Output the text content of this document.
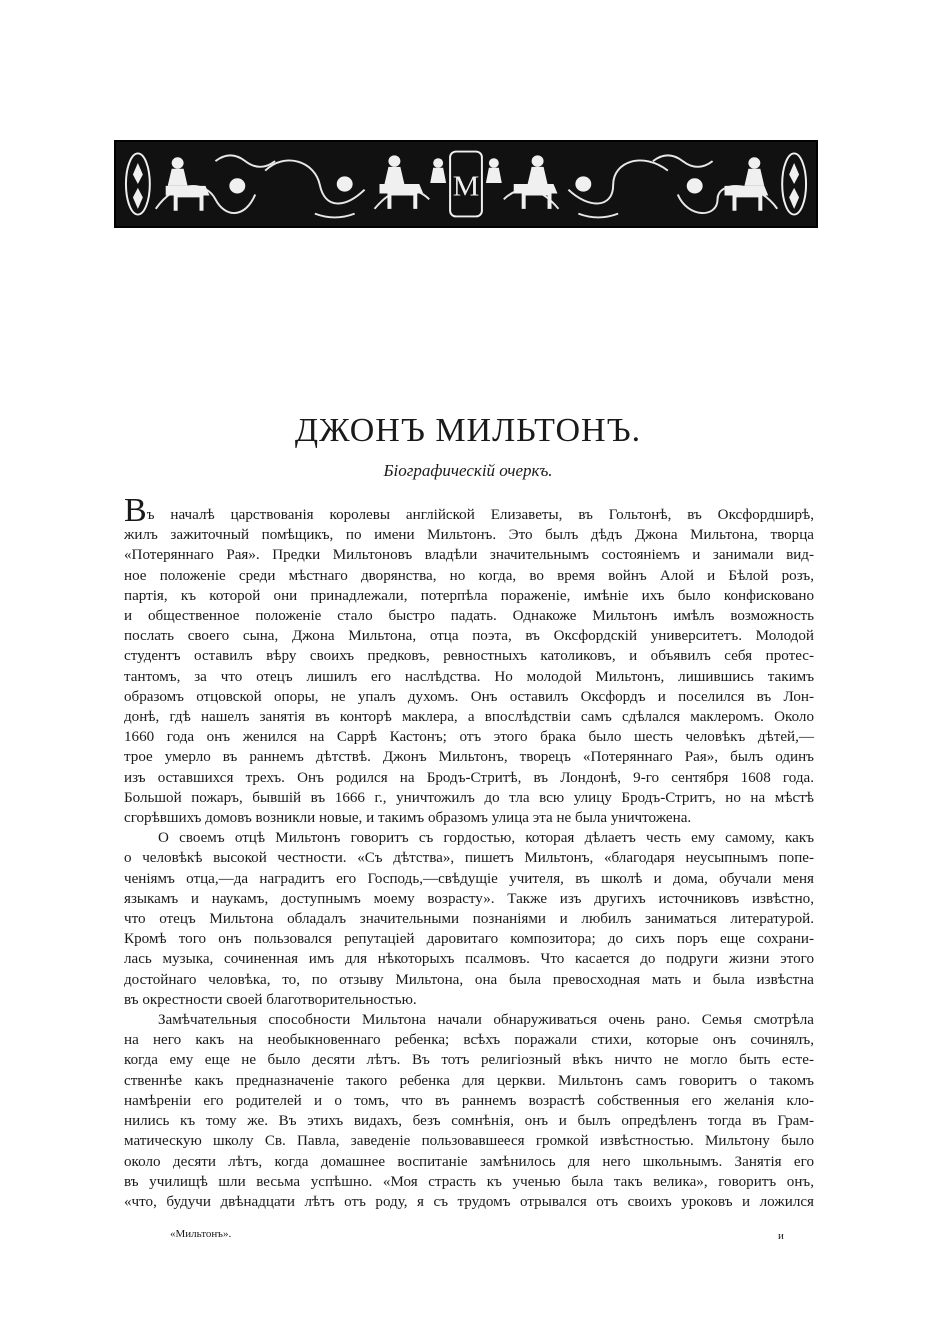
M
ДЖОНЪ МИЛЬТОНЪ.

Біографическій очеркъ.

Въ началѣ царствованія королевы англійской Елизаветы, въ Гольтонѣ, въ Оксфордширѣ,
жилъ зажиточный помѣщикъ, по имени Мильтонъ. Это былъ дѣдъ Джона Мильтона, творца
«Потеряннаго Рая». Предки Мильтоновъ владѣли значительнымъ состояніемъ и занимали вид-
ное положеніе среди мѣстнаго дворянства, но когда, во время войнъ Алой и Бѣлой розъ,
партія, къ которой они принадлежали, потерпѣла пораженіе, имѣніе ихъ было конфисковано
и общественное положеніе стало быстро падать. Однакоже Мильтонъ имѣлъ возможность
послать своего сына, Джона Мильтона, отца поэта, въ Оксфордскій университетъ. Молодой
студентъ оставилъ вѣру своихъ предковъ, ревностныхъ католиковъ, и объявилъ себя протес-
тантомъ, за что отецъ лишилъ его наслѣдства. Но молодой Мильтонъ, лишившись такимъ
образомъ отцовской опоры, не упалъ духомъ. Онъ оставилъ Оксфордъ и поселился въ Лон-
донѣ, гдѣ нашелъ занятія въ конторѣ маклера, а впослѣдствіи самъ сдѣлался маклеромъ. Около
1660 года онъ женился на Саррѣ Кастонъ; отъ этого брака было шесть человѣкъ дѣтей,—
трое умерло въ раннемъ дѣтствѣ. Джонъ Мильтонъ, творецъ «Потеряннаго Рая», былъ одинъ
изъ оставшихся трехъ. Онъ родился на Бродъ-Стритѣ, въ Лондонѣ, 9-го сентября 1608 года.
Большой пожаръ, бывшій въ 1666 г., уничтожилъ до тла всю улицу Бродъ-Стритъ, но на мѣстѣ
сгорѣвшихъ домовъ возникли новые, и такимъ образомъ улица эта не была уничтожена.
О своемъ отцѣ Мильтонъ говоритъ съ гордостью, которая дѣлаетъ честь ему самому, какъ
о человѣкѣ высокой честности. «Съ дѣтства», пишетъ Мильтонъ, «благодаря неусыпнымъ попе-
ченіямъ отца,—да наградитъ его Господь,—свѣдущіе учителя, въ школѣ и дома, обучали меня
языкамъ и наукамъ, доступнымъ моему возрасту». Также изъ другихъ источниковъ извѣстно,
что отецъ Мильтона обладалъ значительными познаніями и любилъ заниматься литературой.
Кромѣ того онъ пользовался репутаціей даровитаго композитора; до сихъ поръ еще сохрани-
лась музыка, сочиненная имъ для нѣкоторыхъ псалмовъ. Что касается до подруги жизни этого
достойнаго человѣка, то, по отзыву Мильтона, она была превосходная мать и была извѣстна
въ окрестности своей благотворительностью.
Замѣчательныя способности Мильтона начали обнаруживаться очень рано. Семья смотрѣла
на него какъ на необыкновеннаго ребенка; всѣхъ поражали стихи, которые онъ сочинялъ,
когда ему еще не было десяти лѣтъ. Въ тотъ религіозный вѣкъ ничто не могло быть есте-
ственнѣе какъ предназначеніе такого ребенка для церкви. Мильтонъ самъ говоритъ о такомъ
намѣреніи его родителей и о томъ, что въ раннемъ возрастѣ собственныя его желанія кло-
нились къ тому же. Въ этихъ видахъ, безъ сомнѣнія, онъ и былъ опредѣленъ тогда въ Грам-
матическую школу Св. Павла, заведеніе пользовавшееся громкой извѣстностью. Мильтону было
около десяти лѣтъ, когда домашнее воспитаніе замѣнилось для него школьнымъ. Занятія его
въ училищѣ шли весьма успѣшно. «Моя страсть къ ученью была такъ велика», говоритъ онъ,
«что, будучи двѣнадцати лѣтъ отъ роду, я съ трудомъ отрывался отъ своихъ уроковъ и ложился
«Мильтонъ».	и
